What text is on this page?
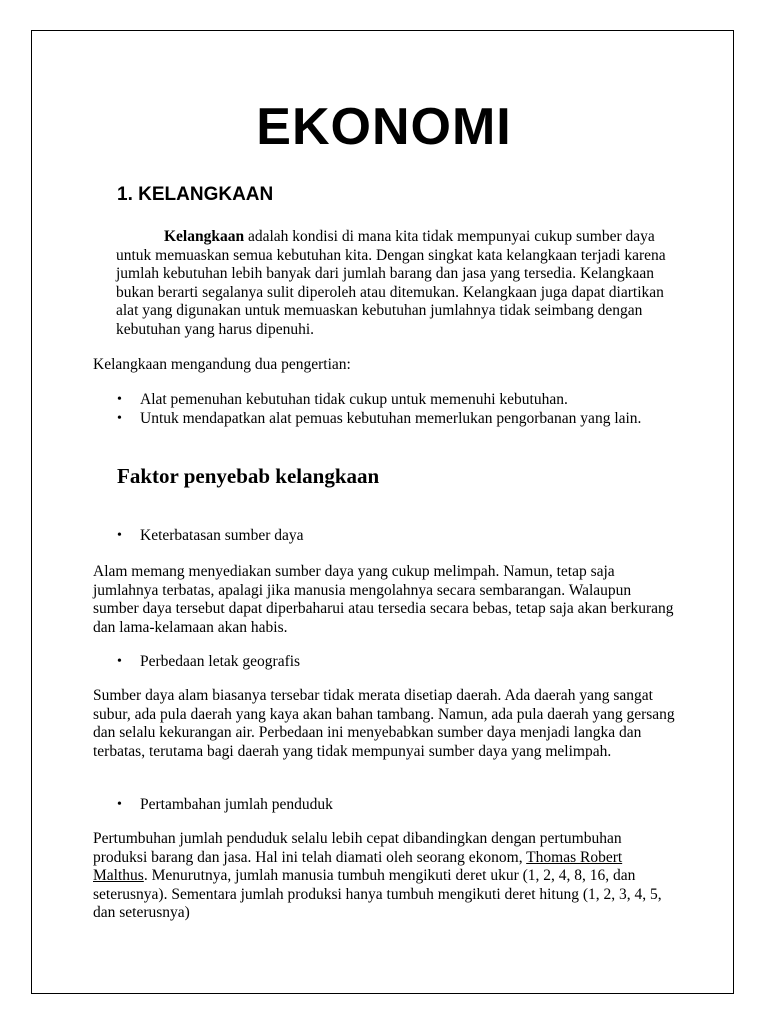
EKONOMI
1. KELANGKAAN

Kelangkaan adalah kondisi di mana kita tidak mempunyai cukup sumber daya untuk memuaskan semua kebutuhan kita. Dengan singkat kata kelangkaan terjadi karena jumlah kebutuhan lebih banyak dari jumlah barang dan jasa yang tersedia. Kelangkaan bukan berarti segalanya sulit diperoleh atau ditemukan. Kelangkaan juga dapat diartikan alat yang digunakan untuk memuaskan kebutuhan jumlahnya tidak seimbang dengan kebutuhan yang harus dipenuhi.

Kelangkaan mengandung dua pengertian:

• Alat pemenuhan kebutuhan tidak cukup untuk memenuhi kebutuhan.
• Untuk mendapatkan alat pemuas kebutuhan memerlukan pengorbanan yang lain.
Faktor penyebab kelangkaan
• Keterbatasan sumber daya

Alam memang menyediakan sumber daya yang cukup melimpah. Namun, tetap saja jumlahnya terbatas, apalagi jika manusia mengolahnya secara sembarangan. Walaupun sumber daya tersebut dapat diperbaharui atau tersedia secara bebas, tetap saja akan berkurang dan lama-kelamaan akan habis.

• Perbedaan letak geografis

Sumber daya alam biasanya tersebar tidak merata disetiap daerah. Ada daerah yang sangat subur, ada pula daerah yang kaya akan bahan tambang. Namun, ada pula daerah yang gersang dan selalu kekurangan air. Perbedaan ini menyebabkan sumber daya menjadi langka dan terbatas, terutama bagi daerah yang tidak mempunyai sumber daya yang melimpah.

• Pertambahan jumlah penduduk

Pertumbuhan jumlah penduduk selalu lebih cepat dibandingkan dengan pertumbuhan produksi barang dan jasa. Hal ini telah diamati oleh seorang ekonom, Thomas Robert Malthus. Menurutnya, jumlah manusia tumbuh mengikuti deret ukur (1, 2, 4, 8, 16, dan seterusnya). Sementara jumlah produksi hanya tumbuh mengikuti deret hitung (1, 2, 3, 4, 5, dan seterusnya)
